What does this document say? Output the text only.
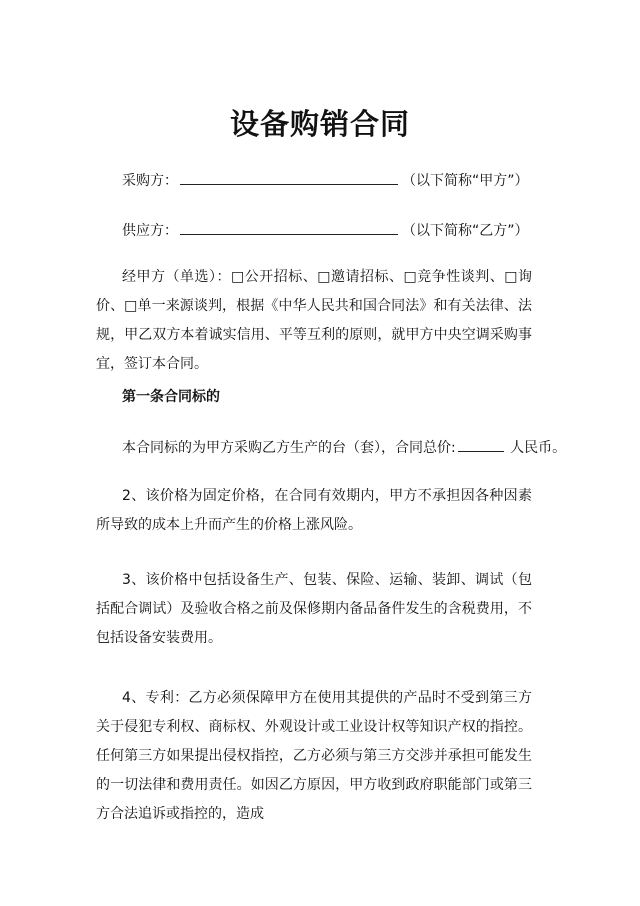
设备购销合同
采购方：	（以下简称“甲方”）
供应方：	（以下简称“乙方”）
经甲方（单选）：□公开招标、□邀请招标、□竞争性谈判、□询价、□单一来源谈判，根据《中华人民共和国合同法》和有关法律、法规，甲乙双方本着诚实信用、平等互利的原则，就甲方中央空调采购事宜，签订本合同。
第一条合同标的
本合同标的为甲方采购乙方生产的台（套），合同总价:	人民币。
2、该价格为固定价格，在合同有效期内，甲方不承担因各种因素所导致的成本上升而产生的价格上涨风险。
3、该价格中包括设备生产、包装、保险、运输、装卸、调试（包括配合调试）及验收合格之前及保修期内备品备件发生的含税费用，不包括设备安装费用。
4、专利：乙方必须保障甲方在使用其提供的产品时不受到第三方关于侵犯专利权、商标权、外观设计或工业设计权等知识产权的指控。任何第三方如果提出侵权指控，乙方必须与第三方交涉并承担可能发生的一切法律和费用责任。如因乙方原因，甲方收到政府职能部门或第三方合法追诉或指控的，造成
